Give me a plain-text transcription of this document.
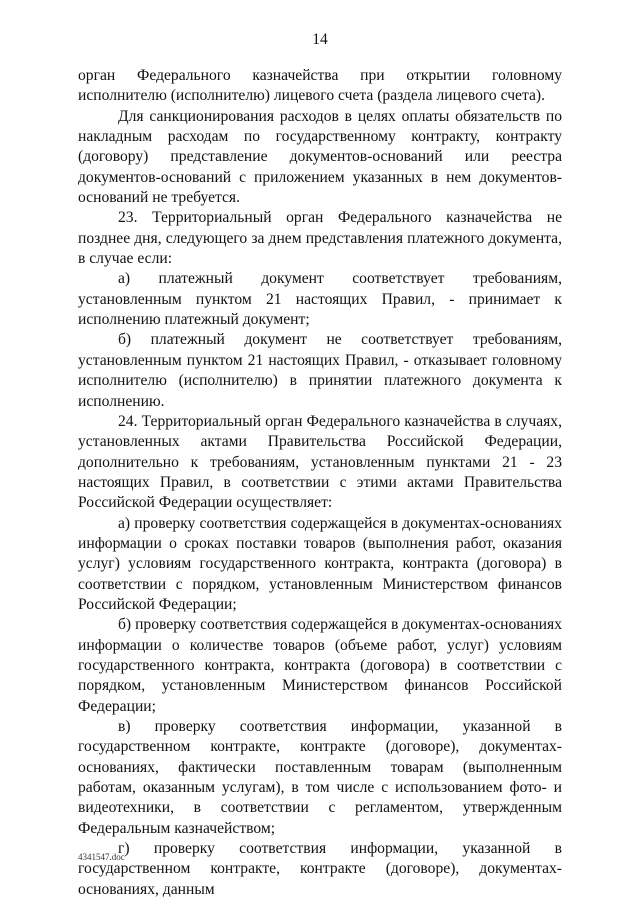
14

орган Федерального казначейства при открытии головному исполнителю (исполнителю) лицевого счета (раздела лицевого счета).

Для санкционирования расходов в целях оплаты обязательств по накладным расходам по государственному контракту, контракту (договору) представление документов-оснований или реестра документов-оснований с приложением указанных в нем документов-оснований не требуется.

23. Территориальный орган Федерального казначейства не позднее дня, следующего за днем представления платежного документа, в случае если:

а) платежный документ соответствует требованиям, установленным пунктом 21 настоящих Правил, - принимает к исполнению платежный документ;

б) платежный документ не соответствует требованиям, установленным пунктом 21 настоящих Правил, - отказывает головному исполнителю (исполнителю) в принятии платежного документа к исполнению.

24. Территориальный орган Федерального казначейства в случаях, установленных актами Правительства Российской Федерации, дополнительно к требованиям, установленным пунктами 21 - 23 настоящих Правил, в соответствии с этими актами Правительства Российской Федерации осуществляет:

а) проверку соответствия содержащейся в документах-основаниях информации о сроках поставки товаров (выполнения работ, оказания услуг) условиям государственного контракта, контракта (договора) в соответствии с порядком, установленным Министерством финансов Российской Федерации;

б) проверку соответствия содержащейся в документах-основаниях информации о количестве товаров (объеме работ, услуг) условиям государственного контракта, контракта (договора) в соответствии с порядком, установленным Министерством финансов Российской Федерации;

в) проверку соответствия информации, указанной в государственном контракте, контракте (договоре), документах-основаниях, фактически поставленным товарам (выполненным работам, оказанным услугам), в том числе с использованием фото- и видеотехники, в соответствии с регламентом, утвержденным Федеральным казначейством;

г) проверку соответствия информации, указанной в государственном контракте, контракте (договоре), документах-основаниях, данным

4341547.doc
